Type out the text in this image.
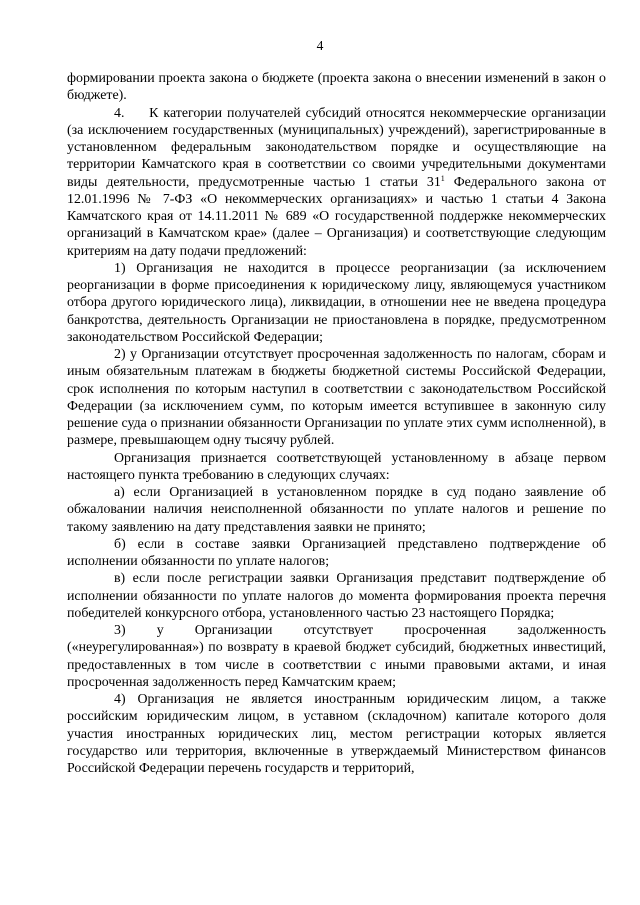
4

формировании проекта закона о бюджете (проекта закона о внесении изменений в закон о бюджете).

4.     К категории получателей субсидий относятся некоммерческие организации (за исключением государственных (муниципальных) учреждений), зарегистрированные в установленном федеральным законодательством порядке и осуществляющие на территории Камчатского края в соответствии со своими учредительными документами виды деятельности, предусмотренные частью 1 статьи $31^1$ Федерального закона от 12.01.1996 № 7-ФЗ «О некоммерческих организациях» и частью 1 статьи 4 Закона Камчатского края от 14.11.2011 № 689 «О государственной поддержке некоммерческих организаций в Камчатском крае» (далее – Организация) и соответствующие следующим критериям на дату подачи предложений:

1) Организация не находится в процессе реорганизации (за исключением реорганизации в форме присоединения к юридическому лицу, являющемуся участником отбора другого юридического лица), ликвидации, в отношении нее не введена процедура банкротства, деятельность Организации не приостановлена в порядке, предусмотренном законодательством Российской Федерации;

2) у Организации отсутствует просроченная задолженность по налогам, сборам и иным обязательным платежам в бюджеты бюджетной системы Российской Федерации, срок исполнения по которым наступил в соответствии с законодательством Российской Федерации (за исключением сумм, по которым имеется вступившее в законную силу решение суда о признании обязанности Организации по уплате этих сумм исполненной), в размере, превышающем одну тысячу рублей.

Организация признается соответствующей установленному в абзаце первом настоящего пункта требованию в следующих случаях:

а) если Организацией в установленном порядке в суд подано заявление об обжаловании наличия неисполненной обязанности по уплате налогов и решение по такому заявлению на дату представления заявки не принято;

б) если в составе заявки Организацией представлено подтверждение об исполнении обязанности по уплате налогов;

в) если после регистрации заявки Организация представит подтверждение об исполнении обязанности по уплате налогов до момента формирования проекта перечня победителей конкурсного отбора, установленного частью 23 настоящего Порядка;

3) у Организации отсутствует просроченная задолженность («неурегулированная») по возврату в краевой бюджет субсидий, бюджетных инвестиций, предоставленных в том числе в соответствии с иными правовыми актами, и иная просроченная задолженность перед Камчатским краем;

4) Организация не является иностранным юридическим лицом, а также российским юридическим лицом, в уставном (складочном) капитале которого доля участия иностранных юридических лиц, местом регистрации которых является государство или территория, включенные в утверждаемый Министерством финансов Российской Федерации перечень государств и территорий,
